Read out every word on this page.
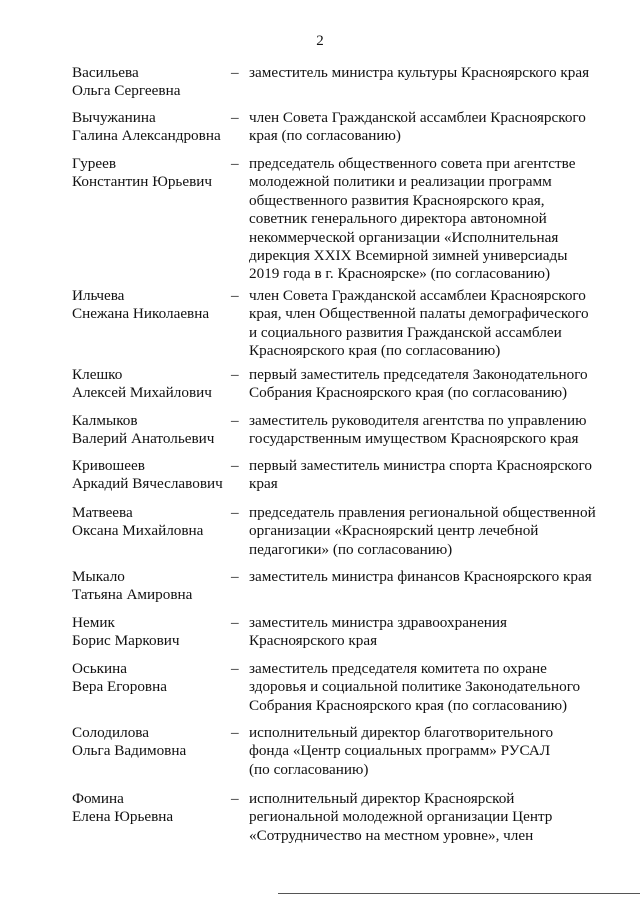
2
Васильева
Ольга Сергеевна
– заместитель министра культуры Красноярского края
Вычужанина
Галина Александровна
– член Совета Гражданской ассамблеи Красноярского
края (по согласованию)
Гуреев
Константин Юрьевич
– председатель общественного совета при агентстве
молодежной политики и реализации программ
общественного развития Красноярского края,
советник генерального директора автономной
некоммерческой организации «Исполнительная
дирекция XXIX Всемирной зимней универсиады
2019 года в г. Красноярске» (по согласованию)
Ильчева
Снежана Николаевна
– член Совета Гражданской ассамблеи Красноярского
края, член Общественной палаты демографического
и социального развития Гражданской ассамблеи
Красноярского края (по согласованию)
Клешко
Алексей Михайлович
– первый заместитель председателя Законодательного
Собрания Красноярского края (по согласованию)
Калмыков
Валерий Анатольевич
– заместитель руководителя агентства по управлению
государственным имуществом Красноярского края
Кривошеев
Аркадий Вячеславович
– первый заместитель министра спорта Красноярского
края
Матвеева
Оксана Михайловна
– председатель правления региональной общественной
организации «Красноярский центр лечебной
педагогики» (по согласованию)
Мыкало
Татьяна Амировна
– заместитель министра финансов Красноярского края
Немик
Борис Маркович
– заместитель министра здравоохранения
Красноярского края
Оськина
Вера Егоровна
– заместитель председателя комитета по охране
здоровья и социальной политике Законодательного
Собрания Красноярского края (по согласованию)
Солодилова
Ольга Вадимовна
– исполнительный директор благотворительного
фонда «Центр социальных программ» РУСАЛ
(по согласованию)
Фомина
Елена Юрьевна
– исполнительный директор Красноярской
региональной молодежной организации Центр
«Сотрудничество на местном уровне», член
